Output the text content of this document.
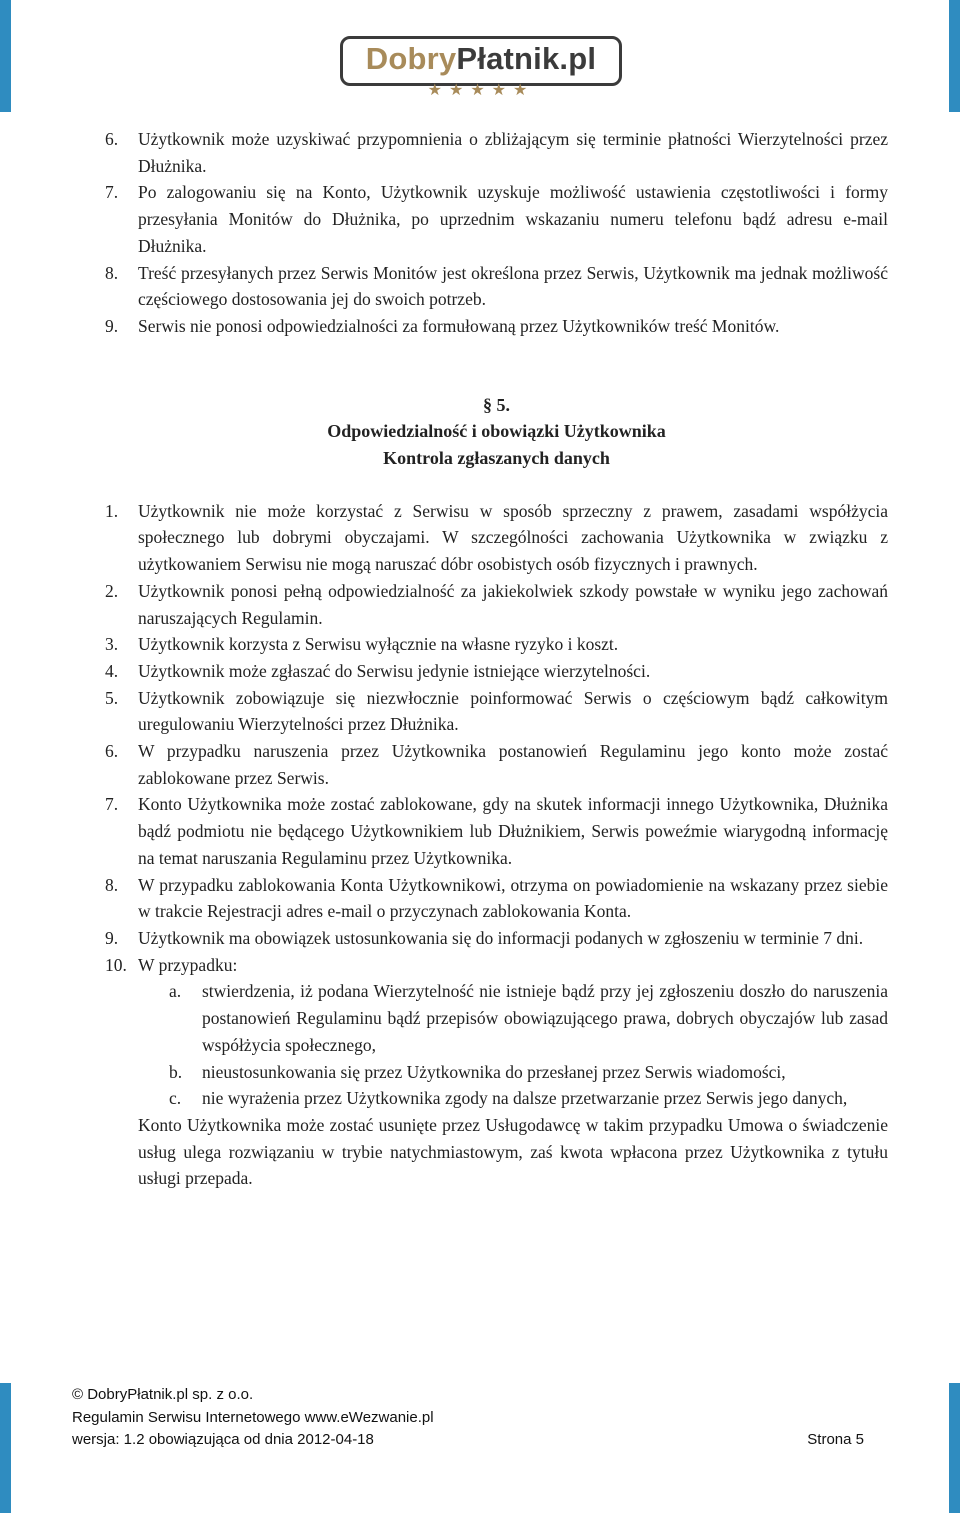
DobryPłatnik.pl
★★★★★
6. Użytkownik może uzyskiwać przypomnienia o zbliżającym się terminie płatności Wierzytelności przez Dłużnika.
7. Po zalogowaniu się na Konto, Użytkownik uzyskuje możliwość ustawienia częstotliwości i formy przesyłania Monitów do Dłużnika, po uprzednim wskazaniu numeru telefonu bądź adresu e-mail Dłużnika.
8. Treść przesyłanych przez Serwis Monitów jest określona przez Serwis, Użytkownik ma jednak możliwość częściowego dostosowania jej do swoich potrzeb.
9. Serwis nie ponosi odpowiedzialności za formułowaną przez Użytkowników treść Monitów.
§ 5.
Odpowiedzialność i obowiązki Użytkownika
Kontrola zgłaszanych danych
1. Użytkownik nie może korzystać z Serwisu w sposób sprzeczny z prawem, zasadami współżycia społecznego lub dobrymi obyczajami. W szczególności zachowania Użytkownika w związku z użytkowaniem Serwisu nie mogą naruszać dóbr osobistych osób fizycznych i prawnych.
2. Użytkownik ponosi pełną odpowiedzialność za jakiekolwiek szkody powstałe w wyniku jego zachowań naruszających Regulamin.
3. Użytkownik korzysta z Serwisu wyłącznie na własne ryzyko i koszt.
4. Użytkownik może zgłaszać do Serwisu jedynie istniejące wierzytelności.
5. Użytkownik zobowiązuje się niezwłocznie poinformować Serwis o częściowym bądź całkowitym uregulowaniu Wierzytelności przez Dłużnika.
6. W przypadku naruszenia przez Użytkownika postanowień Regulaminu jego konto może zostać zablokowane przez Serwis.
7. Konto Użytkownika może zostać zablokowane, gdy na skutek informacji innego Użytkownika, Dłużnika bądź podmiotu nie będącego Użytkownikiem lub Dłużnikiem, Serwis poweźmie wiarygodną informację na temat naruszania Regulaminu przez Użytkownika.
8. W przypadku zablokowania Konta Użytkownikowi, otrzyma on powiadomienie na wskazany przez siebie w trakcie Rejestracji adres e-mail o przyczynach zablokowania Konta.
9. Użytkownik ma obowiązek ustosunkowania się do informacji podanych w zgłoszeniu w terminie 7 dni.
10. W przypadku:
a. stwierdzenia, iż podana Wierzytelność nie istnieje bądź przy jej zgłoszeniu doszło do naruszenia postanowień Regulaminu bądź przepisów obowiązującego prawa, dobrych obyczajów lub zasad współżycia społecznego,
b. nieustosunkowania się przez Użytkownika do przesłanej przez Serwis wiadomości,
c. nie wyrażenia przez Użytkownika zgody na dalsze przetwarzanie przez Serwis jego danych,
Konto Użytkownika może zostać usunięte przez Usługodawcę w takim przypadku Umowa o świadczenie usług ulega rozwiązaniu w trybie natychmiastowym, zaś kwota wpłacona przez Użytkownika z tytułu usługi przepada.
© DobryPłatnik.pl sp. z o.o.
Regulamin Serwisu Internetowego www.eWezwanie.pl
wersja: 1.2 obowiązująca od dnia 2012-04-18	Strona 5
